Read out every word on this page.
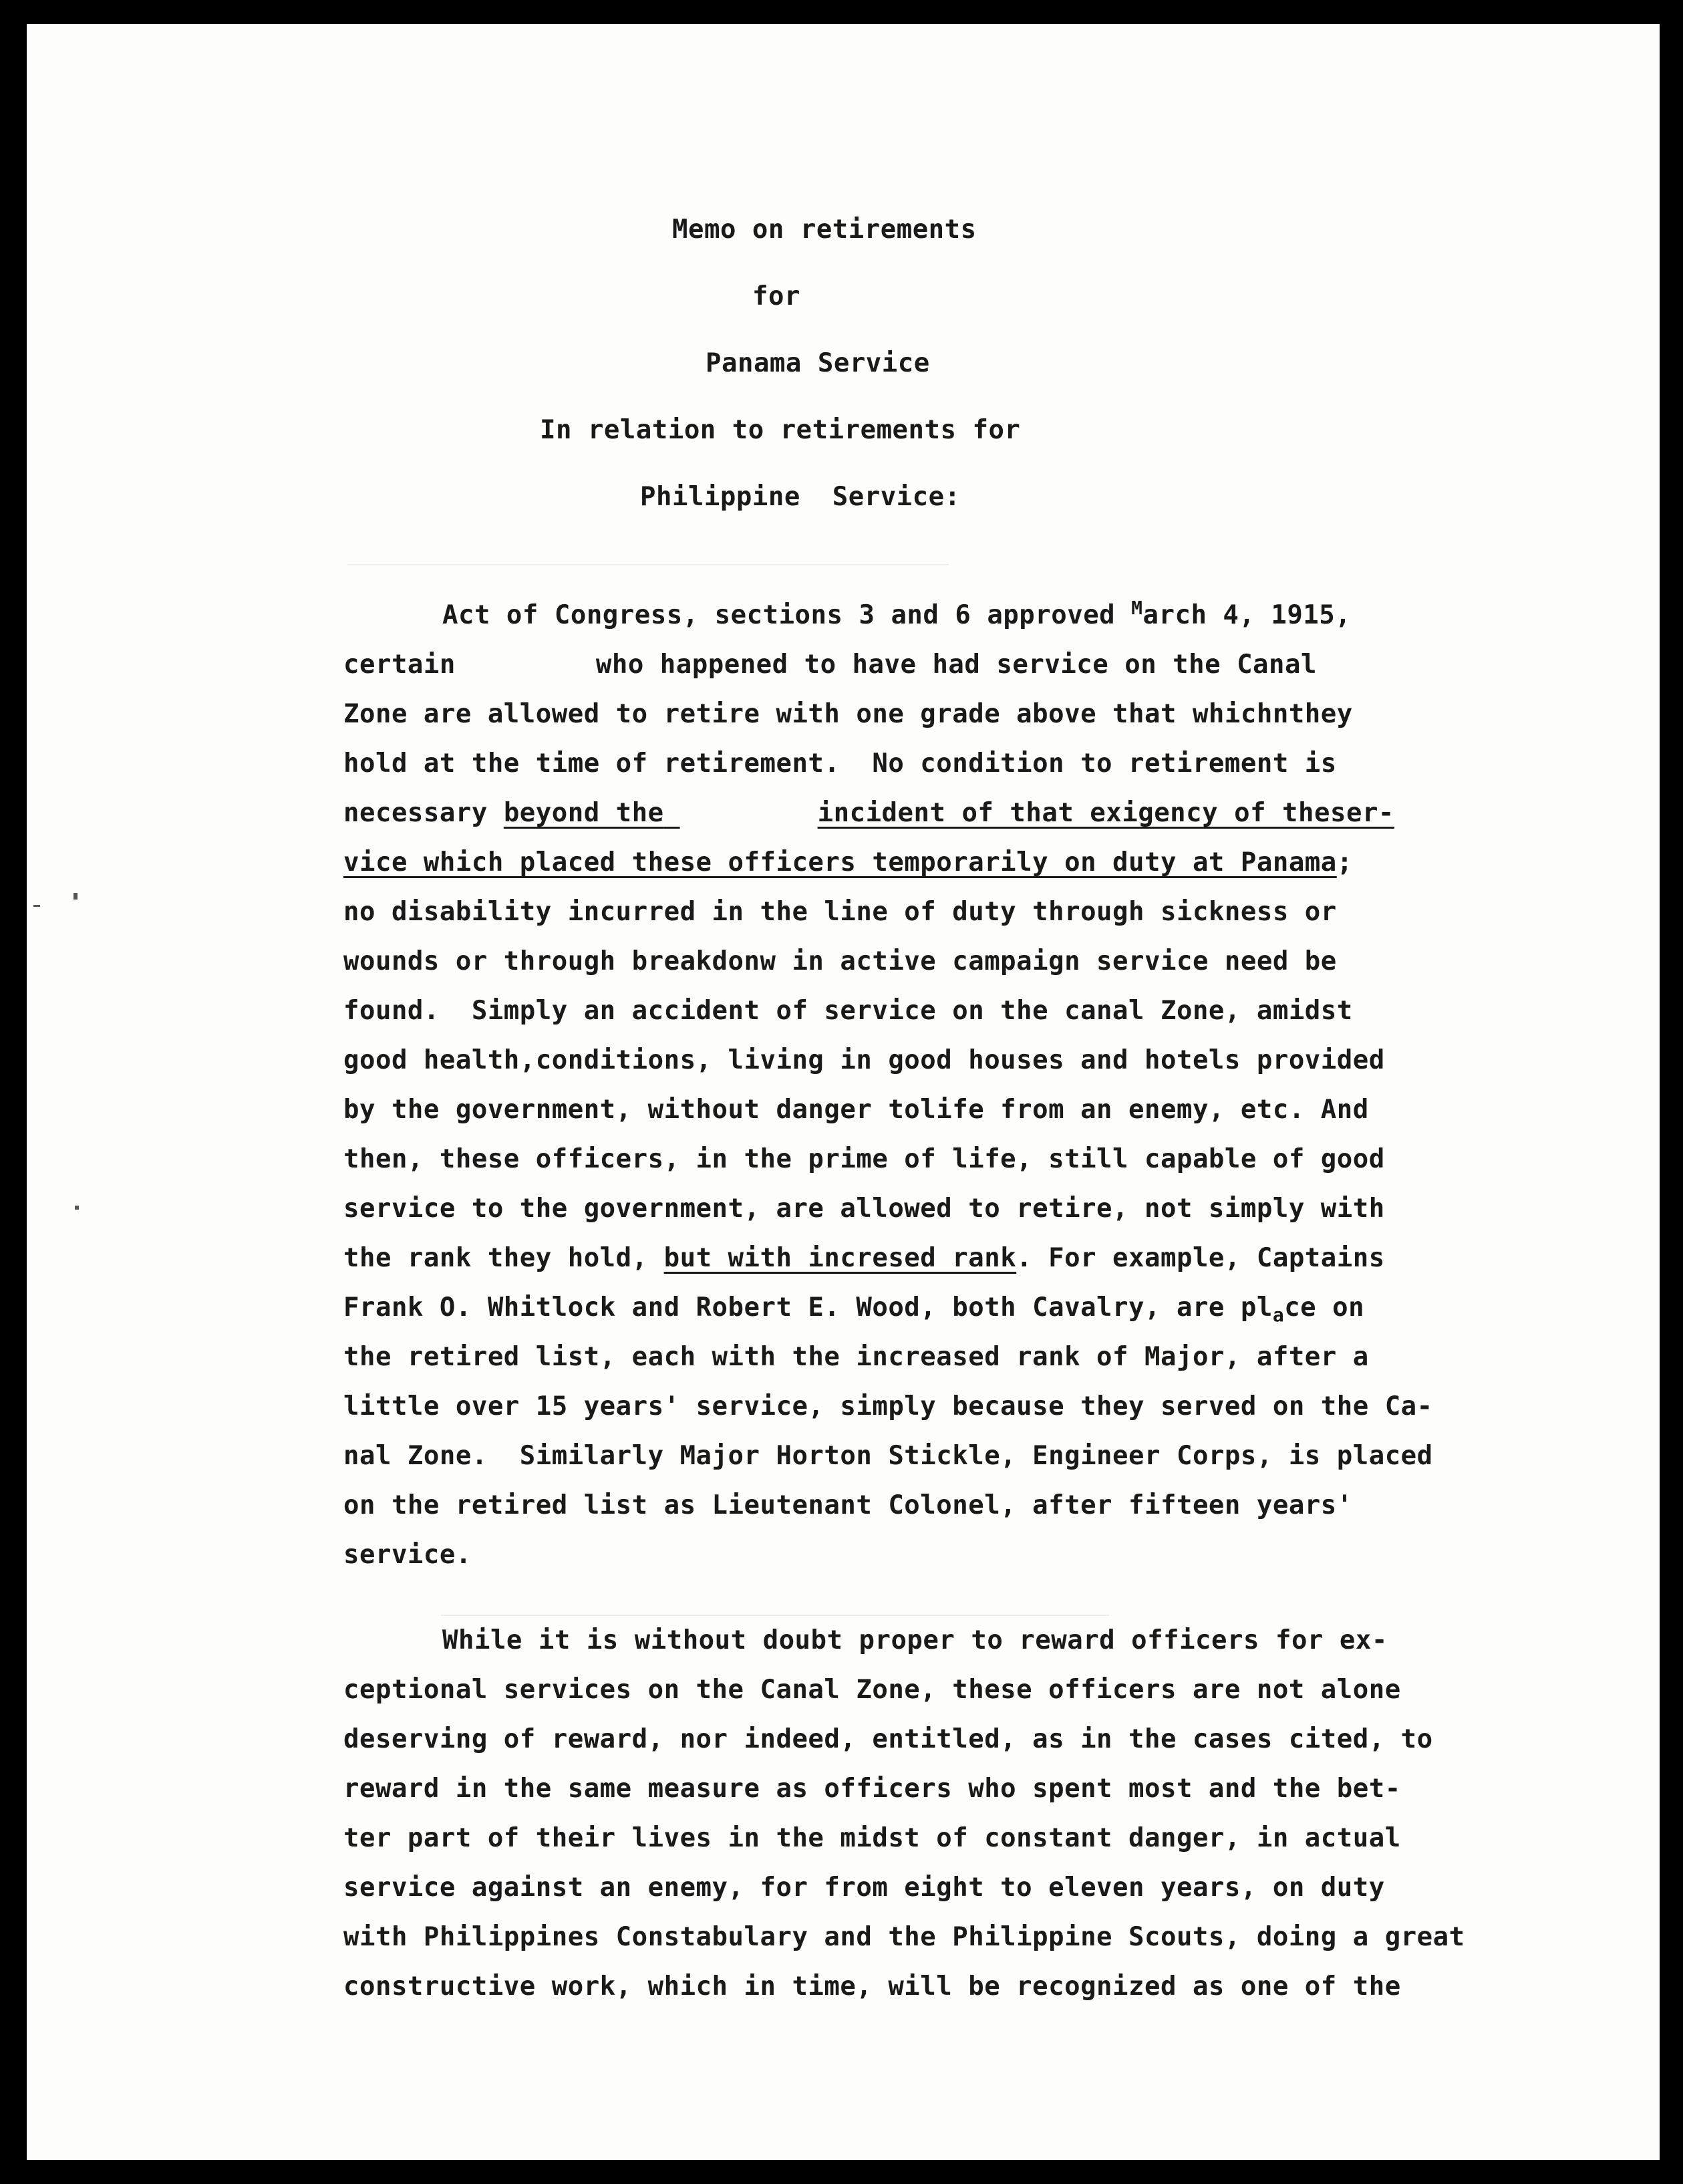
Memo on retirements

for

Panama Service

In relation to retirements for

Philippine  Service:

Act of Congress, sections 3 and 6 approved $^M$arch 4, 1915,

certain	who happened to have had service on the Canal

Zone are allowed to retire with one grade above that whichnthey

hold at the time of retirement.  No condition to retirement is

necessary beyond the	incident of that exigency of theser-

vice which placed these officers temporarily on duty at Panama;

no disability incurred in the line of duty through sickness or

wounds or through breakdonw in active campaign service need be

found.  Simply an accident of service on the canal Zone, amidst

good health,conditions, living in good houses and hotels provided

by the government, without danger tolife from an enemy, etc. And

then, these officers, in the prime of life, still capable of good

service to the government, are allowed to retire, not simply with

the rank they hold, but with incresed rank. For example, Captains

Frank O. Whitlock and Robert E. Wood, both Cavalry, are $pl_ace$ on

the retired list, each with the increased rank of Major, after a

little over 15 years' service, simply because they served on the Ca-

nal Zone.  Similarly Major Horton Stickle, Engineer Corps, is placed

on the retired list as Lieutenant Colonel, after fifteen years'

service.

While it is without doubt proper to reward officers for ex-

ceptional services on the Canal Zone, these officers are not alone

deserving of reward, nor indeed, entitled, as in the cases cited, to

reward in the same measure as officers who spent most and the bet-

ter part of their lives in the midst of constant danger, in actual

service against an enemy, for from eight to eleven years, on duty

with Philippines Constabulary and the Philippine Scouts, doing a great

constructive work, which in time, will be recognized as one of the
